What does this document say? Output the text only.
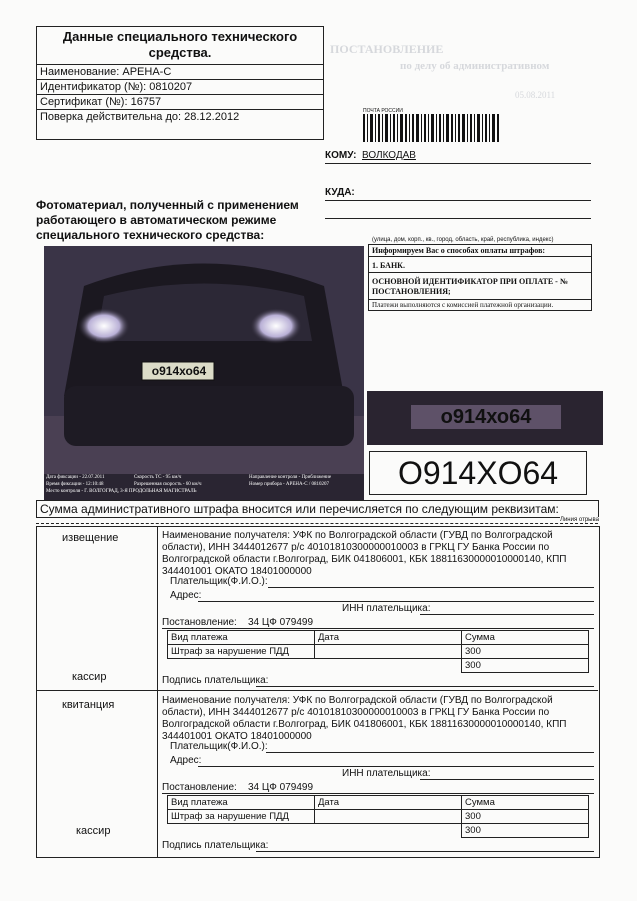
ПОСТАНОВЛЕНИЕ
по делу об административном
05.08.2011
Данные специального технического средства.
Наименование: АРЕНА-С
Идентификатор (№): 0810207
Сертификат (№): 16757
Поверка действительна до: 28.12.2012	ПОЧТА РОССИИ
КОМУ: ВОЛКОДАВ
КУДА:
(улица, дом, корп., кв., город, область, край, республика, индекс)
Фотоматериал, полученный с применением работающего в автоматическом режиме специального технического средства:
о914хо64
Дата фиксации - 22.07.2011
Время фиксации - 12:10:48
Место контроля - Г. ВОЛГОГРАД, 3-Я ПРОДОЛЬНАЯ МАГИСТРАЛЬ
Скорость ТС - 95 км/ч
Разрешенная скорость - 60 км/ч
Направление контроля - Приближение
Номер прибора - АРЕНА-С / 0810207
Информируем Вас о способах оплаты штрафов:
1. БАНК.
ОСНОВНОЙ ИДЕНТИФИКАТОР ПРИ ОПЛАТЕ - № ПОСТАНОВЛЕНИЯ;
Платежи выполняются с комиссией платежной организации.
о914хо64
O914XO64
Сумма административного штрафа вносится или перечисляется по следующим реквизитам:
Линия отрыва
извещение
кассир
Наименование получателя: УФК по Волгоградской области (ГУВД по Волгоградской области), ИНН 3444012677 р/с 40101810300000010003 в ГРКЦ ГУ Банка России по Волгоградской области г.Волгоград, БИК 041806001, КБК 18811630000010000140, КПП 344401001 ОКАТО 18401000000
Плательщик(Ф.И.О.):
Адрес:
ИНН плательщика:
Постановление: 34 ЦФ 079499
Вид платежа	Дата	Сумма
Штраф за нарушение ПДД		300
		300
Подпись плательщика:
квитанция
кассир
Наименование получателя: УФК по Волгоградской области (ГУВД по Волгоградской области), ИНН 3444012677 р/с 40101810300000010003 в ГРКЦ ГУ Банка России по Волгоградской области г.Волгоград, БИК 041806001, КБК 18811630000010000140, КПП 344401001 ОКАТО 18401000000
Плательщик(Ф.И.О.):
Адрес:
ИНН плательщика:
Постановление: 34 ЦФ 079499
Вид платежа	Дата	Сумма
Штраф за нарушение ПДД		300
		300
Подпись плательщика:
